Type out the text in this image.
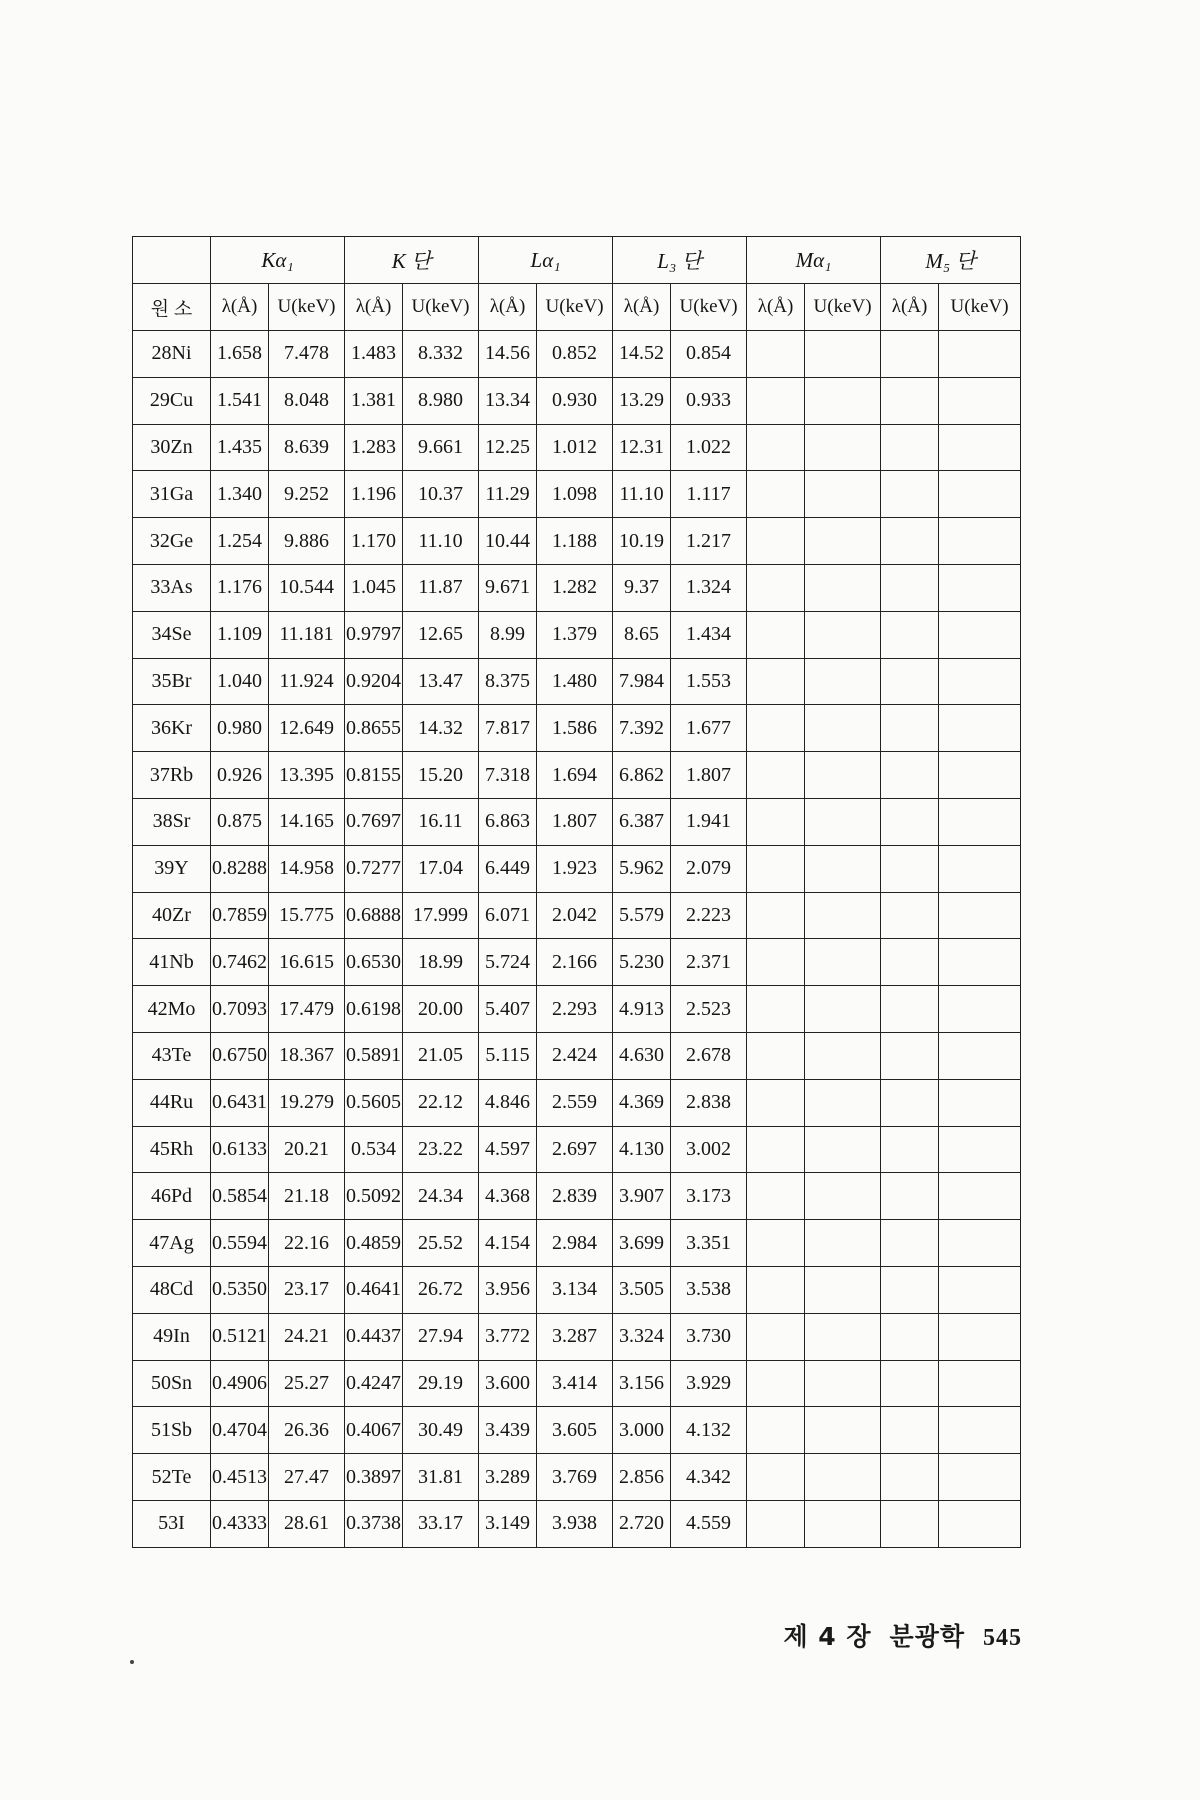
	Kα₁		K 단		Lα₁		L₃ 단		Mα₁		M₅ 단	
원 소	λ(Å)	U(keV)	λ(Å)	U(keV)	λ(Å)	U(keV)	λ(Å)	U(keV)	λ(Å)	U(keV)	λ(Å)	U(keV)
28Ni	1.658	7.478	1.483	8.332	14.56	0.852	14.52	0.854				
29Cu	1.541	8.048	1.381	8.980	13.34	0.930	13.29	0.933				
30Zn	1.435	8.639	1.283	9.661	12.25	1.012	12.31	1.022				
31Ga	1.340	9.252	1.196	10.37	11.29	1.098	11.10	1.117				
32Ge	1.254	9.886	1.170	11.10	10.44	1.188	10.19	1.217				
33As	1.176	10.544	1.045	11.87	9.671	1.282	9.37	1.324				
34Se	1.109	11.181	0.9797	12.65	8.99	1.379	8.65	1.434				
35Br	1.040	11.924	0.9204	13.47	8.375	1.480	7.984	1.553				
36Kr	0.980	12.649	0.8655	14.32	7.817	1.586	7.392	1.677				
37Rb	0.926	13.395	0.8155	15.20	7.318	1.694	6.862	1.807				
38Sr	0.875	14.165	0.7697	16.11	6.863	1.807	6.387	1.941				
39Y	0.8288	14.958	0.7277	17.04	6.449	1.923	5.962	2.079				
40Zr	0.7859	15.775	0.6888	17.999	6.071	2.042	5.579	2.223				
41Nb	0.7462	16.615	0.6530	18.99	5.724	2.166	5.230	2.371				
42Mo	0.7093	17.479	0.6198	20.00	5.407	2.293	4.913	2.523				
43Te	0.6750	18.367	0.5891	21.05	5.115	2.424	4.630	2.678				
44Ru	0.6431	19.279	0.5605	22.12	4.846	2.559	4.369	2.838				
45Rh	0.6133	20.21	0.534	23.22	4.597	2.697	4.130	3.002				
46Pd	0.5854	21.18	0.5092	24.34	4.368	2.839	3.907	3.173				
47Ag	0.5594	22.16	0.4859	25.52	4.154	2.984	3.699	3.351				
48Cd	0.5350	23.17	0.4641	26.72	3.956	3.134	3.505	3.538				
49In	0.5121	24.21	0.4437	27.94	3.772	3.287	3.324	3.730				
50Sn	0.4906	25.27	0.4247	29.19	3.600	3.414	3.156	3.929				
51Sb	0.4704	26.36	0.4067	30.49	3.439	3.605	3.000	4.132				
52Te	0.4513	27.47	0.3897	31.81	3.289	3.769	2.856	4.342				
53I	0.4333	28.61	0.3738	33.17	3.149	3.938	2.720	4.559				
제 4 장 분광학 545
